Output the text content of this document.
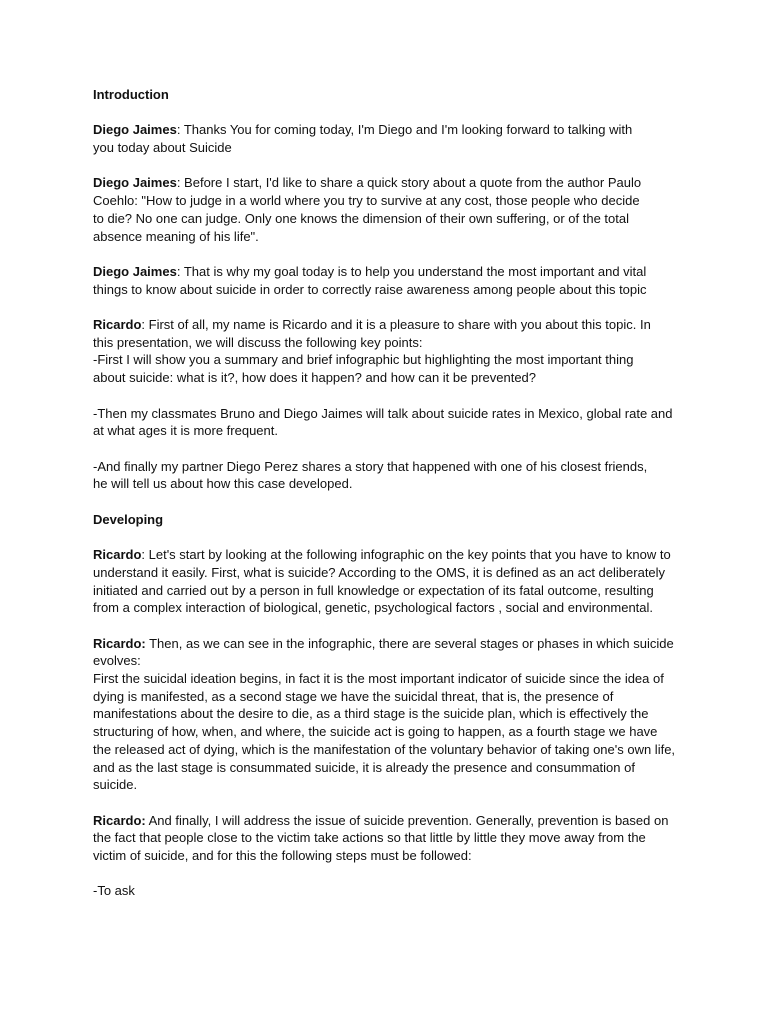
Introduction

Diego Jaimes: Thanks You for coming today, I'm Diego and I'm looking forward to talking with you today about Suicide

Diego Jaimes: Before I start, I'd like to share a quick story about a quote from the author Paulo Coehlo: "How to judge in a world where you try to survive at any cost, those people who decide to die? No one can judge. Only one knows the dimension of their own suffering, or of the total absence meaning of his life".

Diego Jaimes: That is why my goal today is to help you understand the most important and vital things to know about suicide in order to correctly raise awareness among people about this topic

Ricardo: First of all, my name is Ricardo and it is a pleasure to share with you about this topic. In this presentation, we will discuss the following key points:

-First I will show you a summary and brief infographic but highlighting the most important thing about suicide: what is it?, how does it happen? and how can it be prevented?

-Then my classmates Bruno and Diego Jaimes will talk about suicide rates in Mexico, global rate and at what ages it is more frequent.

-And finally my partner Diego Perez shares a story that happened with one of his closest friends, he will tell us about how this case developed.

Developing

Ricardo: Let's start by looking at the following infographic on the key points that you have to know to understand it easily. First, what is suicide? According to the OMS, it is defined as an act deliberately initiated and carried out by a person in full knowledge or expectation of its fatal outcome, resulting from a complex interaction of biological, genetic, psychological factors , social and environmental.

Ricardo: Then, as we can see in the infographic, there are several stages or phases in which suicide evolves:

First the suicidal ideation begins, in fact it is the most important indicator of suicide since the idea of dying is manifested, as a second stage we have the suicidal threat, that is, the presence of manifestations about the desire to die, as a third stage is the suicide plan, which is effectively the structuring of how, when, and where, the suicide act is going to happen, as a fourth stage we have the released act of dying, which is the manifestation of the voluntary behavior of taking one's own life, and as the last stage is consummated suicide, it is already the presence and consummation of suicide.

Ricardo: And finally, I will address the issue of suicide prevention. Generally, prevention is based on the fact that people close to the victim take actions so that little by little they move away from the victim of suicide, and for this the following steps must be followed:

-To ask
